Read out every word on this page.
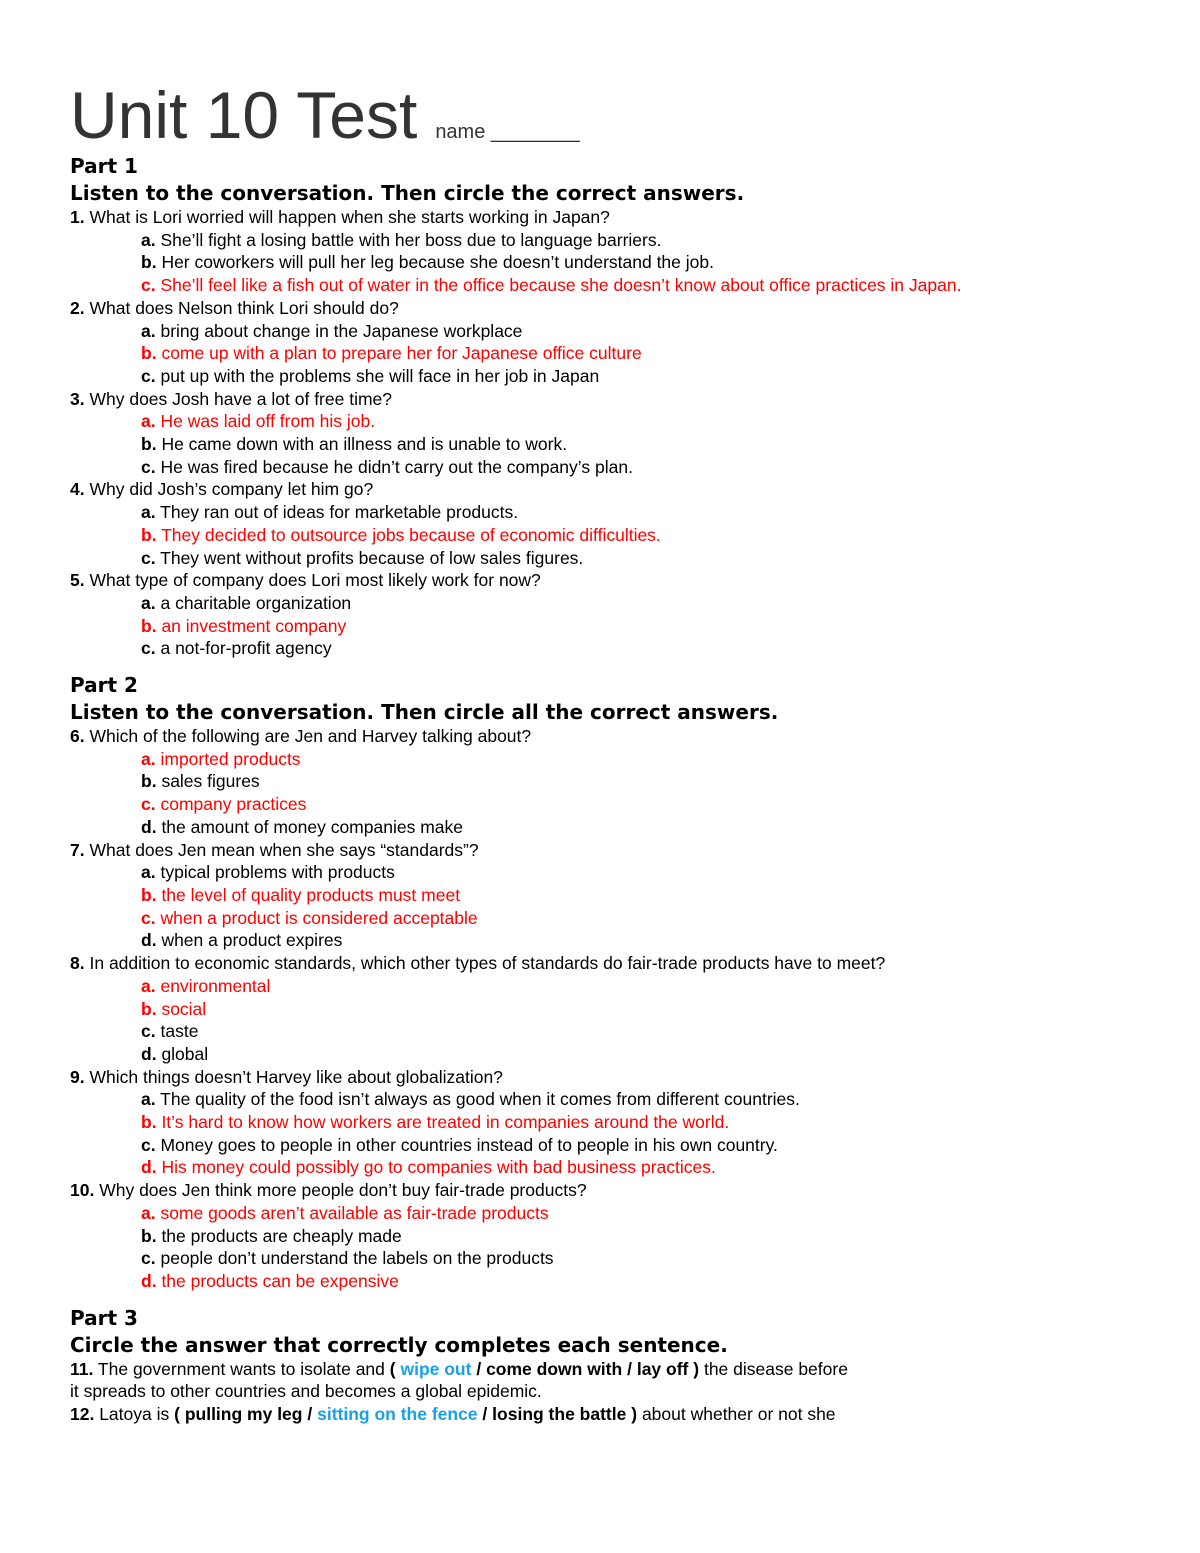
Unit 10 Test name ________
Part 1
Listen to the conversation. Then circle the correct answers.
1. What is Lori worried will happen when she starts working in Japan?
a. She’ll fight a losing battle with her boss due to language barriers.
b. Her coworkers will pull her leg because she doesn’t understand the job.
c. She’ll feel like a fish out of water in the office because she doesn’t know about office practices in Japan.
2. What does Nelson think Lori should do?
a. bring about change in the Japanese workplace
b. come up with a plan to prepare her for Japanese office culture
c. put up with the problems she will face in her job in Japan
3. Why does Josh have a lot of free time?
a. He was laid off from his job.
b. He came down with an illness and is unable to work.
c. He was fired because he didn’t carry out the company’s plan.
4. Why did Josh’s company let him go?
a. They ran out of ideas for marketable products.
b. They decided to outsource jobs because of economic difficulties.
c. They went without profits because of low sales figures.
5. What type of company does Lori most likely work for now?
a. a charitable organization
b. an investment company
c. a not-for-profit agency
Part 2
Listen to the conversation. Then circle all the correct answers.
6. Which of the following are Jen and Harvey talking about?
a. imported products
b. sales figures
c. company practices
d. the amount of money companies make
7. What does Jen mean when she says “standards”?
a. typical problems with products
b. the level of quality products must meet
c. when a product is considered acceptable
d. when a product expires
8. In addition to economic standards, which other types of standards do fair-trade products have to meet?
a. environmental
b. social
c. taste
d. global
9. Which things doesn’t Harvey like about globalization?
a. The quality of the food isn’t always as good when it comes from different countries.
b. It’s hard to know how workers are treated in companies around the world.
c. Money goes to people in other countries instead of to people in his own country.
d. His money could possibly go to companies with bad business practices.
10. Why does Jen think more people don’t buy fair-trade products?
a. some goods aren’t available as fair-trade products
b. the products are cheaply made
c. people don’t understand the labels on the products
d. the products can be expensive
Part 3
Circle the answer that correctly completes each sentence.
11. The government wants to isolate and ( wipe out / come down with / lay off ) the disease before
it spreads to other countries and becomes a global epidemic.
12. Latoya is ( pulling my leg / sitting on the fence / losing the battle ) about whether or not she
